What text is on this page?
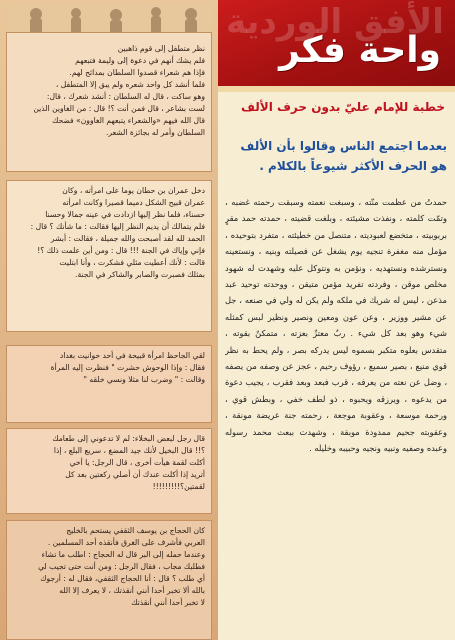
نظر متطفل إلى قوم ذاهبين
فلم يشك أنهم في دعوة إلى وليمة فتبعهم
فإذا هم شعراء قصدوا السلطان بمدائح لهم.
فلما أنشد كل واحد شعره ولم يبق إلا المتطفل ،
وهو ساكت ، قال له السلطان : أنشد شعرك ، قال:
لست بشاعر ، قال فمن أنت ؟! قال : من الغاوين الذين
قال الله فيهم «والشعراء يتبعهم الغاوون» فضحك
السلطان وأمر له بجائزة الشعر.
دخل عمران بن حطان يوما على امرأته ، وكان
عمران قبيح الشكل دميما قصيرا وكانت امرأته
حسناء، فلما نظر إليها ازدادت في عينه جمالا وحسنا
فلم يتمالك أن يديم النظر إليها فقالت : ما شأنك ؟ قال :
الحمد لله لقد أصبحت والله جميلة ، فقالت : أبشر
فإني وإياك في الجنة !!! قال : ومن أين علمت ذلك ؟!
قالت : لأنك أعطيت مثلي فشكرت ، وأنا ابتليت
بمثلك فصبرت والصابر والشاكر في الجنة.
لقي الجاحظ امرأة قبيحة في أحد حوانيت بغداد
فقال : وإذا الوحوش حشرت " فنظرت إليه المرأة
وقالت : " وضرب لنا مثلا ونسي خلقه "
قال رجل لبعض البخلاء: لم لا تدعوني إلى طعامك
؟!! قال البخيل لأنك جيد المضغ ، سريع البلع ، إذا
أكلت لقمة هيأت أخرى ، قال الرجل: يا أخي
أتريد إذا أكلت عندك أن أصلي ركعتين بعد كل
لقمتين؟!!!!!!!!!
كان الحجاج بن يوسف الثقفي يستحم بالخليج
العربي فأشرف على الغرق فأنقذه أحد المسلمين .
وعندما حمله إلى البر قال له الحجاج : اطلب ما تشاء
فطلبك مجاب ، فقال الرجل : ومن أنت حتى تجيب لي
أي طلب ؟ قال : أنا الحجاج الثقفي، فقال له : أرجوك
بالله ألا تخبر أحدا أنني أنقذتك ، لا يعرف إلا الله
لا تخبر أحدا أنني أنقذتك
الأفق الوردية
واحة فكر
خطبة للإمام عليّ بدون حرف الألف
بعدما اجتمع الناس وقالوا بأن الألف هو الحرف الأكثر شيوعاً بالكلام .
حمدتُ من عظمت منّته ، وسبغت نعمته وسبقت رحمته غضبه ، وتمّت كلمته ، ونفذت مشيئته ، وبلغت قضيته ، حمدته حمد مقرٍ بربوبيته ، متخضع لعبوديته ، متنصل من خطيئته ، متفرد بتوحيده ، مؤمل منه مغفرة تنجيه يوم يشغل عن فصيلته وبنيه ، ونستعينه ونسترشده ونستهديه ، ونؤمن به ونتوكل عليه وشهدت له شهود مخلص موقن ، وفردته تفريد مؤمن متيقن ، ووحدته توحيد عبد مذعن ، ليس له شريك في ملكه ولم يكن له ولي في صنعه ، جل عن مشير ووزير ، وعن عون ومعين ونصير ونظير لبس كمثله شيء وهو بعد كل شيء . ربٌ معتزٌ بعزته ، متمكنٌ بقوته ، متقدس بعلوه متكبر بسموه ليس يدركه بصر ، ولم يحط به نظر قوي منيع ، بصير سميع ، رؤوف رحيم ، عجز عن وصفه من يصفه ، وضل عن نعته من يعرفه ، قرب فبعد وبعد فقرب ، يجيب دعوة من يدعوه ، ويرزقه ويحبوه ، ذو لطف خفي ، وبطش قوي ، ورحمة موسعة ، وعقوبة موجعة ، رحمته جنة عريضة مونقة ، وعقوبته جحيم ممدودة موبقة ، وشهدت ببعث محمد رسوله وعبده وصفيه ونبيه ونجيه وحبيبه وخليله .
